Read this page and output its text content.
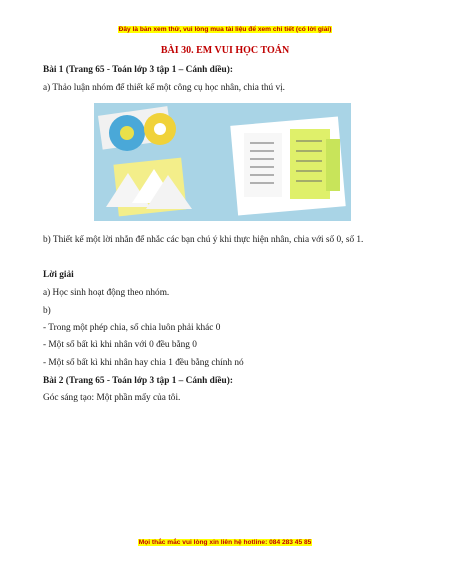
Đây là bản xem thử, vui lòng mua tài liệu để xem chi tiết (có lời giải)
BÀI 30. EM VUI HỌC TOÁN
Bài 1 (Trang 65 - Toán lớp 3 tập 1 – Cánh diều):
a) Thảo luận nhóm để thiết kế một công cụ học nhân, chia thú vị.
b) Thiết kế một lời nhắn để nhắc các bạn chú ý khi thực hiện nhân, chia với số 0, số 1.
Lời giải
a) Học sinh hoạt động theo nhóm.
b)
- Trong một phép chia, số chia luôn phải khác 0
- Một số bất kì khi nhân với 0 đều bằng 0
- Một số bất kì khi nhân hay chia 1 đều bằng chính nó
Bài 2 (Trang 65 - Toán lớp 3 tập 1 – Cánh diều):
Góc sáng tạo: Một phần mấy của tôi.
Mọi thắc mắc vui lòng xin liên hệ hotline: 084 283 45 85
